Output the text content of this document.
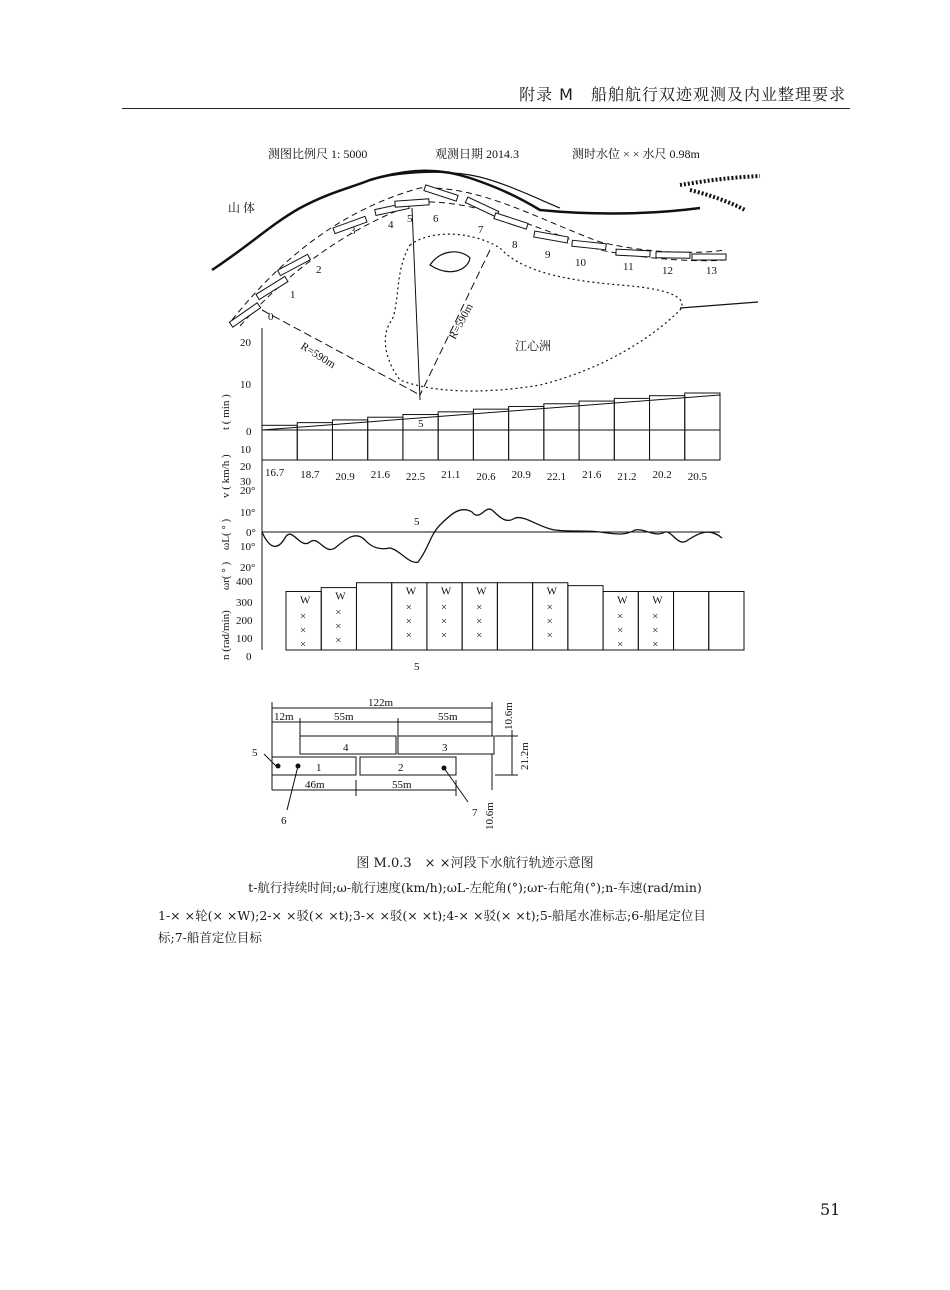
附录 M　船舶航行双迹观测及内业整理要求
测图比例尺 1: 5000	观测日期 2014.3	测时水位 × × 水尺 0.98m
山 体
0
1
2
3	4 5 6
7
8
9
10	11	12	13
江心洲
R=590m
R=590m
t ( min )
v ( km/h )
ωL( ° )
ωr( ° )
n (rad/min)
20
10
0
10
20
30
5
16.7 18.7 20.9 21.6 22.5 21.1 20.6 20.9 22.1 21.6 21.2 20.2 20.5
20°
10°
0°
10°
20°
5
400
300
200
100
0
W
×
×
×
W
×
×
×
W
×
×
×
W
×
×
×
W
×
×
×
W
×
×
×
W
×
×
×
W
×
×
×
5
122m
12m	55m	55m
46m	55m
10.6m
21.2m
10.6m
1	2
3
4
5
6
7
图 M.0.3　× ×河段下水航行轨迹示意图
t-航行持续时间;ω-航行速度(km/h);ωL-左舵角(°);ωr-右舵角(°);n-车速(rad/min)
1-× ×轮(× ×W);2-× ×驳(× ×t);3-× ×驳(× ×t);4-× ×驳(× ×t);5-船尾水准标志;6-船尾定位目
标;7-船首定位目标
51
